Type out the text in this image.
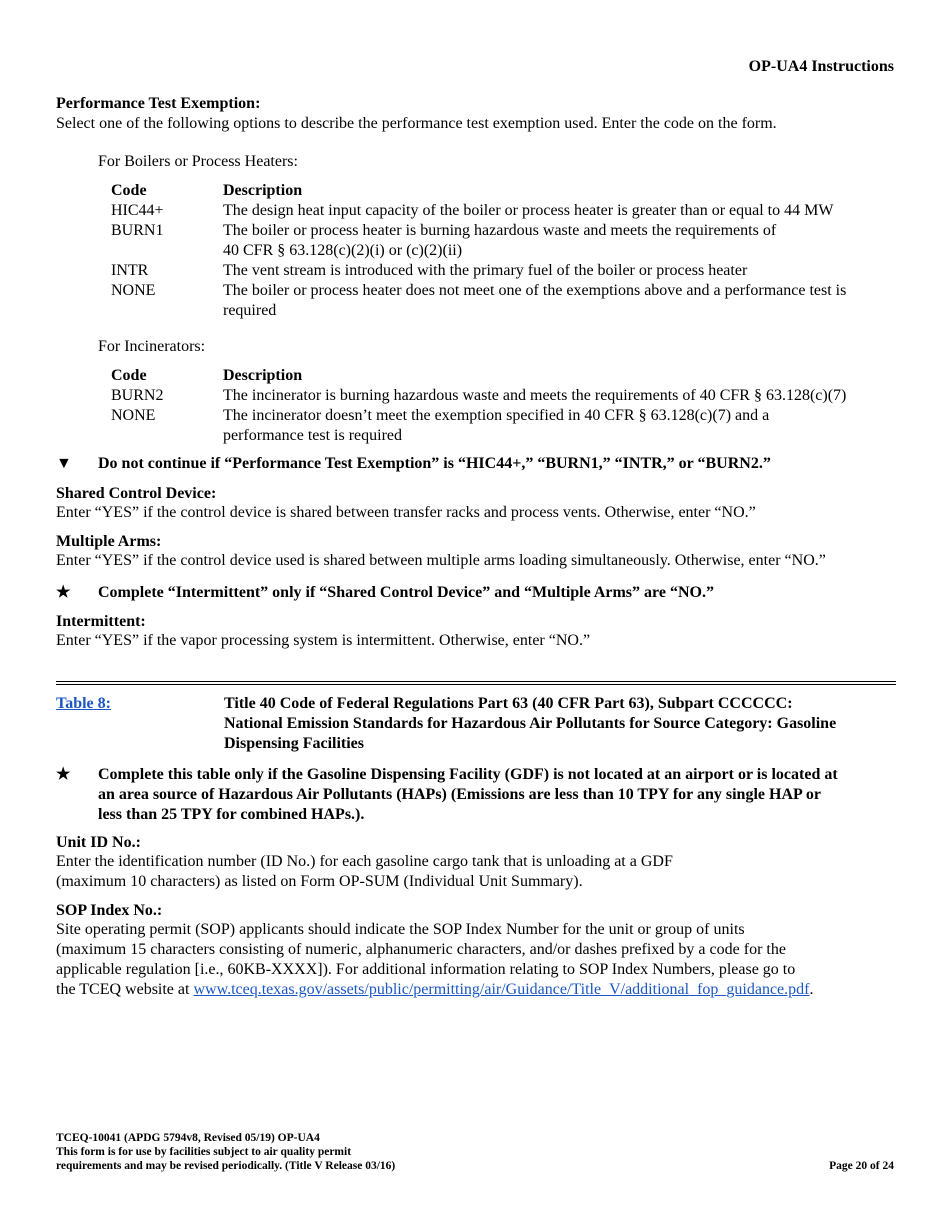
OP-UA4 Instructions
Performance Test Exemption:
Select one of the following options to describe the performance test exemption used. Enter the code on the form.
For Boilers or Process Heaters:
Code	Description
HIC44+	The design heat input capacity of the boiler or process heater is greater than or equal to 44 MW
BURN1	The boiler or process heater is burning hazardous waste and meets the requirements of
40 CFR § 63.128(c)(2)(i) or (c)(2)(ii)
INTR	The vent stream is introduced with the primary fuel of the boiler or process heater
NONE	The boiler or process heater does not meet one of the exemptions above and a performance test is
required
For Incinerators:
Code	Description
BURN2	The incinerator is burning hazardous waste and meets the requirements of 40 CFR § 63.128(c)(7)
NONE	The incinerator doesn’t meet the exemption specified in 40 CFR § 63.128(c)(7) and a
performance test is required
▼	Do not continue if “Performance Test Exemption” is “HIC44+,” “BURN1,” “INTR,” or “BURN2.”
Shared Control Device:
Enter “YES” if the control device is shared between transfer racks and process vents. Otherwise, enter “NO.”
Multiple Arms:
Enter “YES” if the control device used is shared between multiple arms loading simultaneously. Otherwise, enter “NO.”
★	Complete “Intermittent” only if “Shared Control Device” and “Multiple Arms” are “NO.”
Intermittent:
Enter “YES” if the vapor processing system is intermittent. Otherwise, enter “NO.”
Table 8:	Title 40 Code of Federal Regulations Part 63 (40 CFR Part 63), Subpart CCCCCC:
National Emission Standards for Hazardous Air Pollutants for Source Category: Gasoline
Dispensing Facilities
★	Complete this table only if the Gasoline Dispensing Facility (GDF) is not located at an airport or is located at
an area source of Hazardous Air Pollutants (HAPs) (Emissions are less than 10 TPY for any single HAP or
less than 25 TPY for combined HAPs.).
Unit ID No.:
Enter the identification number (ID No.) for each gasoline cargo tank that is unloading at a GDF
(maximum 10 characters) as listed on Form OP-SUM (Individual Unit Summary).
SOP Index No.:
Site operating permit (SOP) applicants should indicate the SOP Index Number for the unit or group of units
(maximum 15 characters consisting of numeric, alphanumeric characters, and/or dashes prefixed by a code for the
applicable regulation [i.e., 60KB-XXXX]). For additional information relating to SOP Index Numbers, please go to
the TCEQ website at www.tceq.texas.gov/assets/public/permitting/air/Guidance/Title_V/additional_fop_guidance.pdf.
TCEQ-10041 (APDG 5794v8, Revised 05/19) OP-UA4
This form is for use by facilities subject to air quality permit
requirements and may be revised periodically. (Title V Release 03/16)	Page 20 of 24
